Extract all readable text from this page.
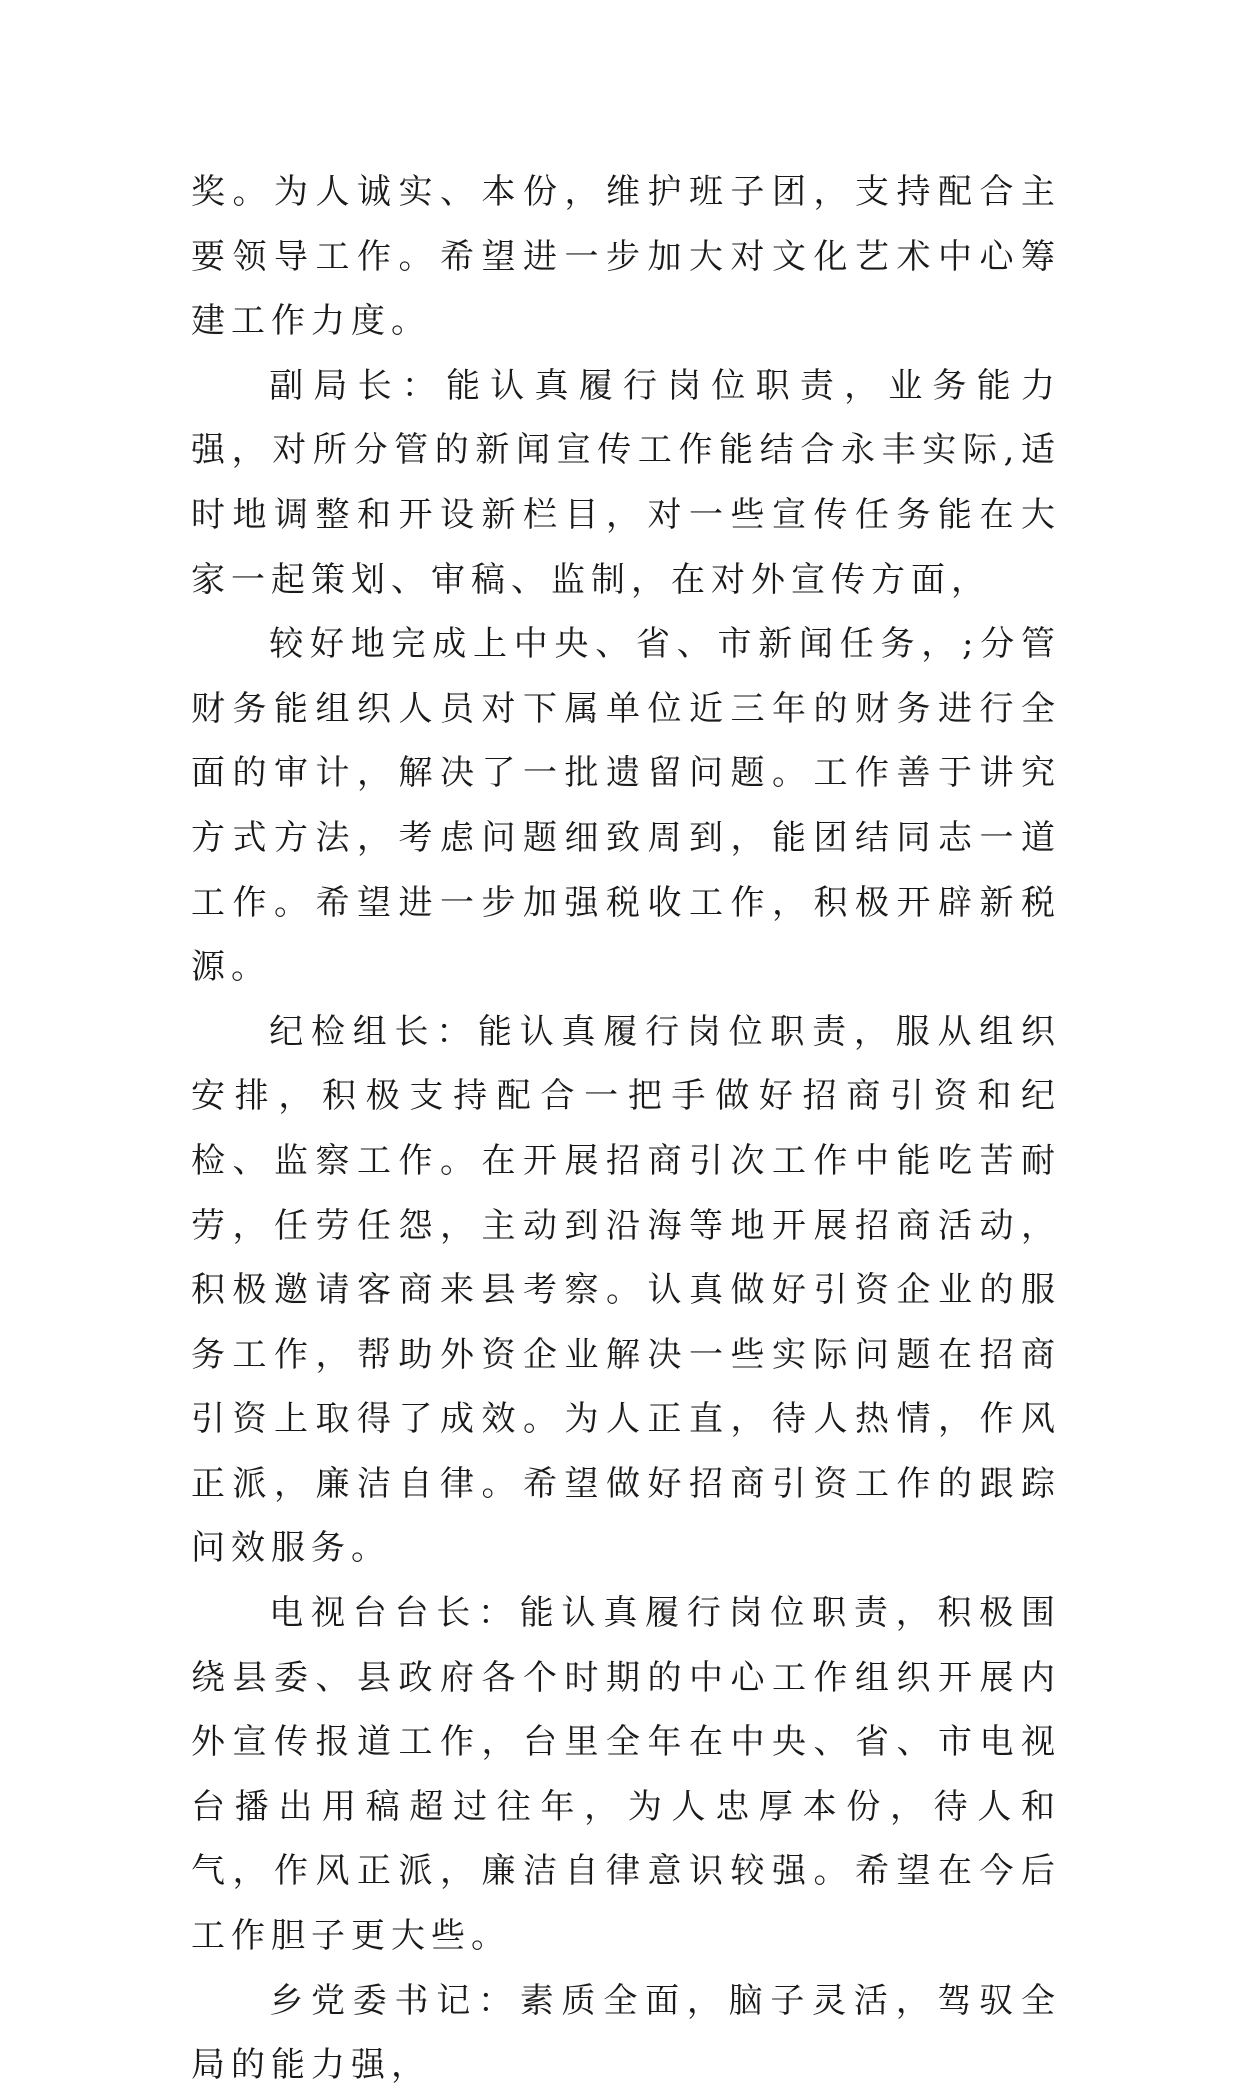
奖。为人诚实、本份，维护班子团，支持配合主要领导工作。希望进一步加大对文化艺术中心筹建工作力度。

副局长：能认真履行岗位职责，业务能力强，对所分管的新闻宣传工作能结合永丰实际,适时地调整和开设新栏目，对一些宣传任务能在大家一起策划、审稿、监制，在对外宣传方面，

较好地完成上中央、省、市新闻任务，;分管财务能组织人员对下属单位近三年的财务进行全面的审计，解决了一批遗留问题。工作善于讲究方式方法，考虑问题细致周到，能团结同志一道工作。希望进一步加强税收工作，积极开辟新税源。

纪检组长：能认真履行岗位职责，服从组织安排，积极支持配合一把手做好招商引资和纪检、监察工作。在开展招商引次工作中能吃苦耐劳，任劳任怨，主动到沿海等地开展招商活动，积极邀请客商来县考察。认真做好引资企业的服务工作，帮助外资企业解决一些实际问题在招商引资上取得了成效。为人正直，待人热情，作风正派，廉洁自律。希望做好招商引资工作的跟踪问效服务。

电视台台长：能认真履行岗位职责，积极围绕县委、县政府各个时期的中心工作组织开展内外宣传报道工作，台里全年在中央、省、市电视台播出用稿超过往年，为人忠厚本份，待人和气，作风正派，廉洁自律意识较强。希望在今后工作胆子更大些。

乡党委书记：素质全面，脑子灵活，驾驭全局的能力强，
